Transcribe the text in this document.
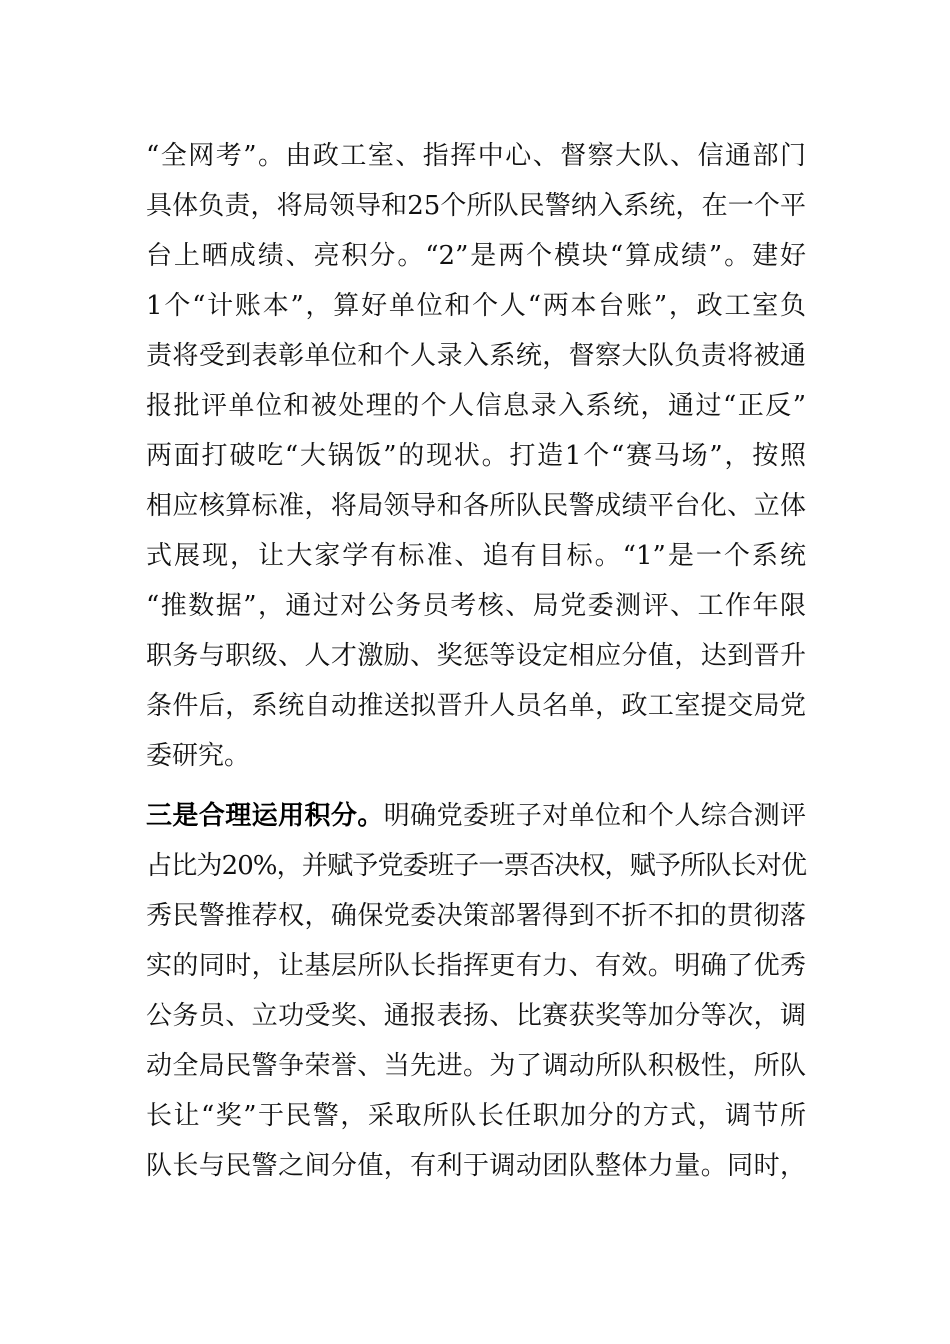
“全网考”。由政工室、指挥中心、督察大队、信通部门
具体负责，将局领导和25个所队民警纳入系统，在一个平
台上晒成绩、亮积分。“2”是两个模块“算成绩”。建好
1个“计账本”，算好单位和个人“两本台账”，政工室负
责将受到表彰单位和个人录入系统，督察大队负责将被通
报批评单位和被处理的个人信息录入系统，通过“正反”
两面打破吃“大锅饭”的现状。打造1个“赛马场”，按照
相应核算标准，将局领导和各所队民警成绩平台化、立体
式展现，让大家学有标准、追有目标。“1”是一个系统
“推数据”，通过对公务员考核、局党委测评、工作年限
职务与职级、人才激励、奖惩等设定相应分值，达到晋升
条件后，系统自动推送拟晋升人员名单，政工室提交局党
委研究。
三是合理运用积分。明确党委班子对单位和个人综合测评
占比为20%，并赋予党委班子一票否决权，赋予所队长对优
秀民警推荐权，确保党委决策部署得到不折不扣的贯彻落
实的同时，让基层所队长指挥更有力、有效。明确了优秀
公务员、立功受奖、通报表扬、比赛获奖等加分等次，调
动全局民警争荣誉、当先进。为了调动所队积极性，所队
长让“奖”于民警，采取所队长任职加分的方式，调节所
队长与民警之间分值，有利于调动团队整体力量。同时，
